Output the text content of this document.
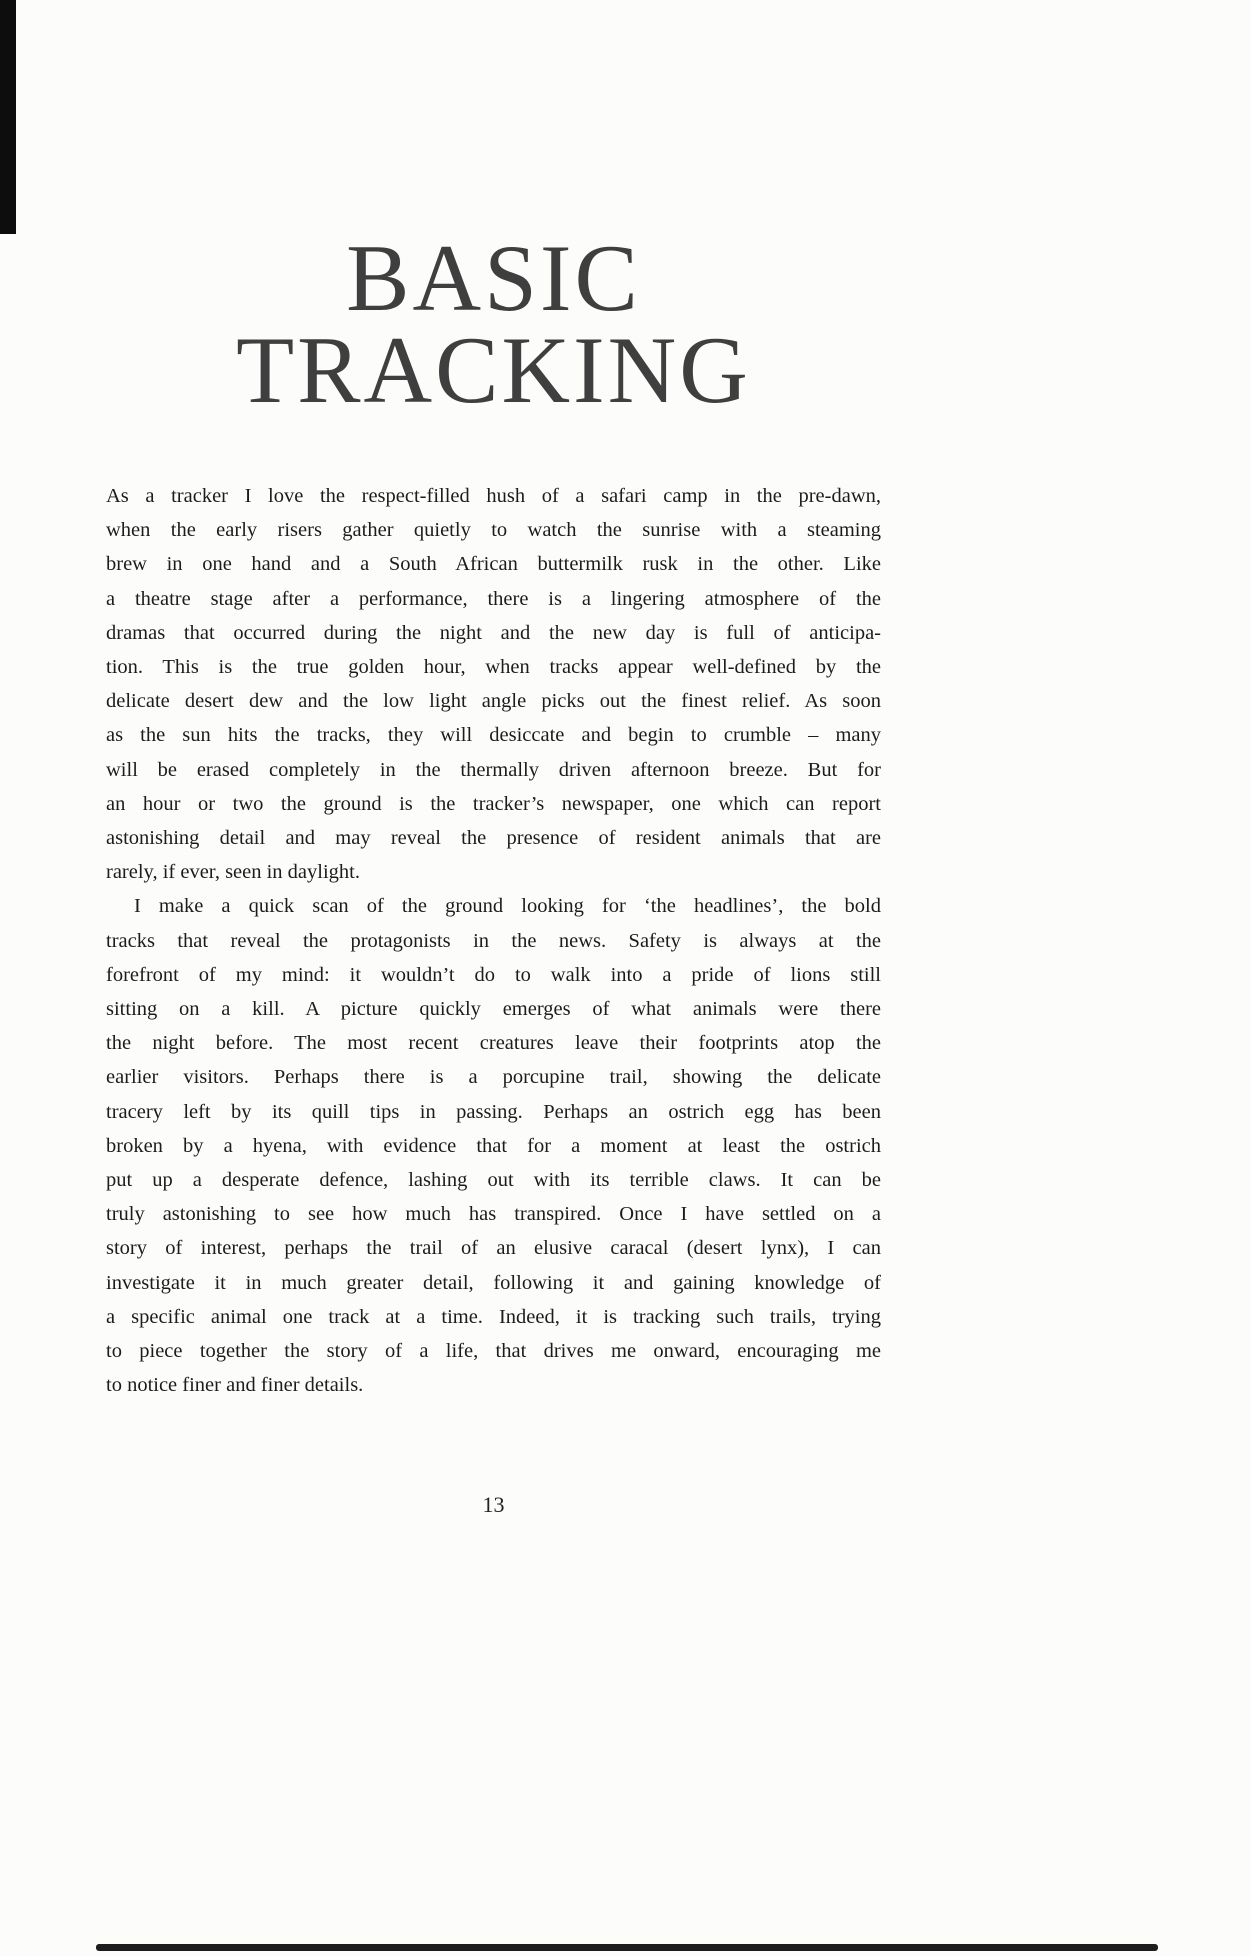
BASIC
TRACKING
As a tracker I love the respect-filled hush of a safari camp in the pre-dawn,
when the early risers gather quietly to watch the sunrise with a steaming
brew in one hand and a South African buttermilk rusk in the other. Like
a theatre stage after a performance, there is a lingering atmosphere of the
dramas that occurred during the night and the new day is full of anticipa-
tion. This is the true golden hour, when tracks appear well-defined by the
delicate desert dew and the low light angle picks out the finest relief. As soon
as the sun hits the tracks, they will desiccate and begin to crumble – many
will be erased completely in the thermally driven afternoon breeze. But for
an hour or two the ground is the tracker’s newspaper, one which can report
astonishing detail and may reveal the presence of resident animals that are
rarely, if ever, seen in daylight.
I make a quick scan of the ground looking for ‘the headlines’, the bold
tracks that reveal the protagonists in the news. Safety is always at the
forefront of my mind: it wouldn’t do to walk into a pride of lions still
sitting on a kill. A picture quickly emerges of what animals were there
the night before. The most recent creatures leave their footprints atop the
earlier visitors. Perhaps there is a porcupine trail, showing the delicate
tracery left by its quill tips in passing. Perhaps an ostrich egg has been
broken by a hyena, with evidence that for a moment at least the ostrich
put up a desperate defence, lashing out with its terrible claws. It can be
truly astonishing to see how much has transpired. Once I have settled on a
story of interest, perhaps the trail of an elusive caracal (desert lynx), I can
investigate it in much greater detail, following it and gaining knowledge of
a specific animal one track at a time. Indeed, it is tracking such trails, trying
to piece together the story of a life, that drives me onward, encouraging me
to notice finer and finer details.
13
